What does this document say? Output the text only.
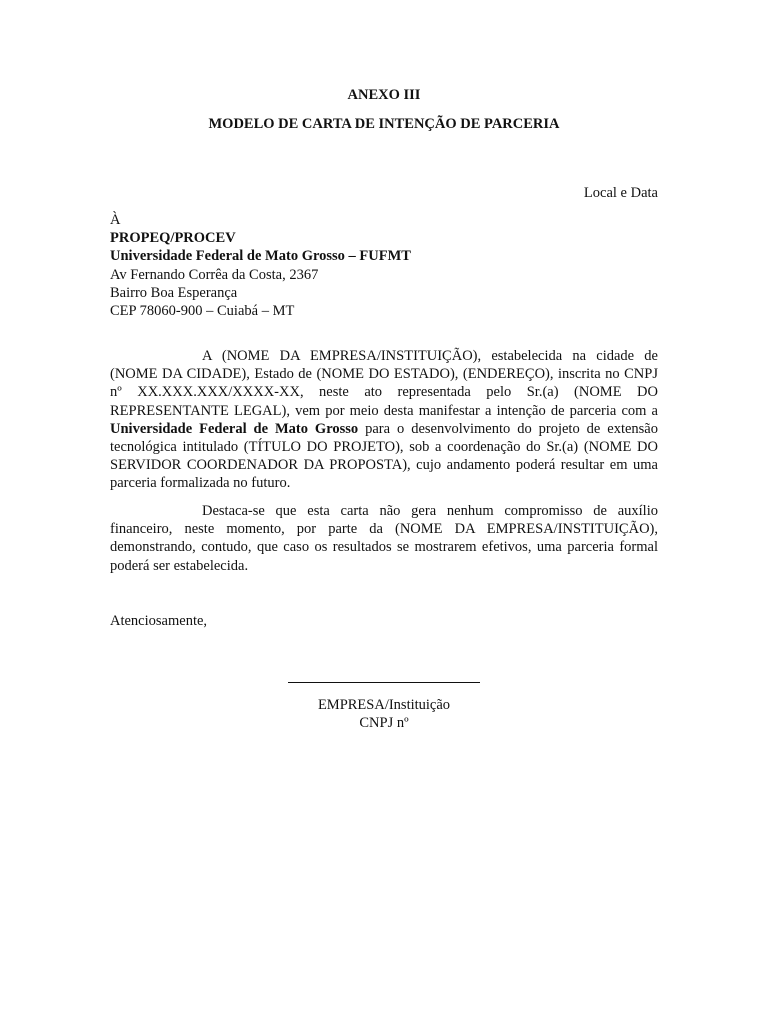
ANEXO III
MODELO DE CARTA DE INTENÇÃO DE PARCERIA
Local e Data
À
PROPEQ/PROCEV
Universidade Federal de Mato Grosso – FUFMT
Av Fernando Corrêa da Costa, 2367
Bairro Boa Esperança
CEP 78060-900 – Cuiabá – MT

A (NOME DA EMPRESA/INSTITUIÇÃO), estabelecida na cidade de (NOME DA CIDADE), Estado de (NOME DO ESTADO), (ENDEREÇO), inscrita no CNPJ nº XX.XXX.XXX/XXXX-XX, neste ato representada pelo Sr.(a) (NOME DO REPRESENTANTE LEGAL), vem por meio desta manifestar a intenção de parceria com a Universidade Federal de Mato Grosso para o desenvolvimento do projeto de extensão tecnológica intitulado (TÍTULO DO PROJETO), sob a coordenação do Sr.(a) (NOME DO SERVIDOR COORDENADOR DA PROPOSTA), cujo andamento poderá resultar em uma parceria formalizada no futuro.

Destaca-se que esta carta não gera nenhum compromisso de auxílio financeiro, neste momento, por parte da (NOME DA EMPRESA/INSTITUIÇÃO), demonstrando, contudo, que caso os resultados se mostrarem efetivos, uma parceria formal poderá ser estabelecida.

Atenciosamente,
EMPRESA/Instituição
CNPJ nº
